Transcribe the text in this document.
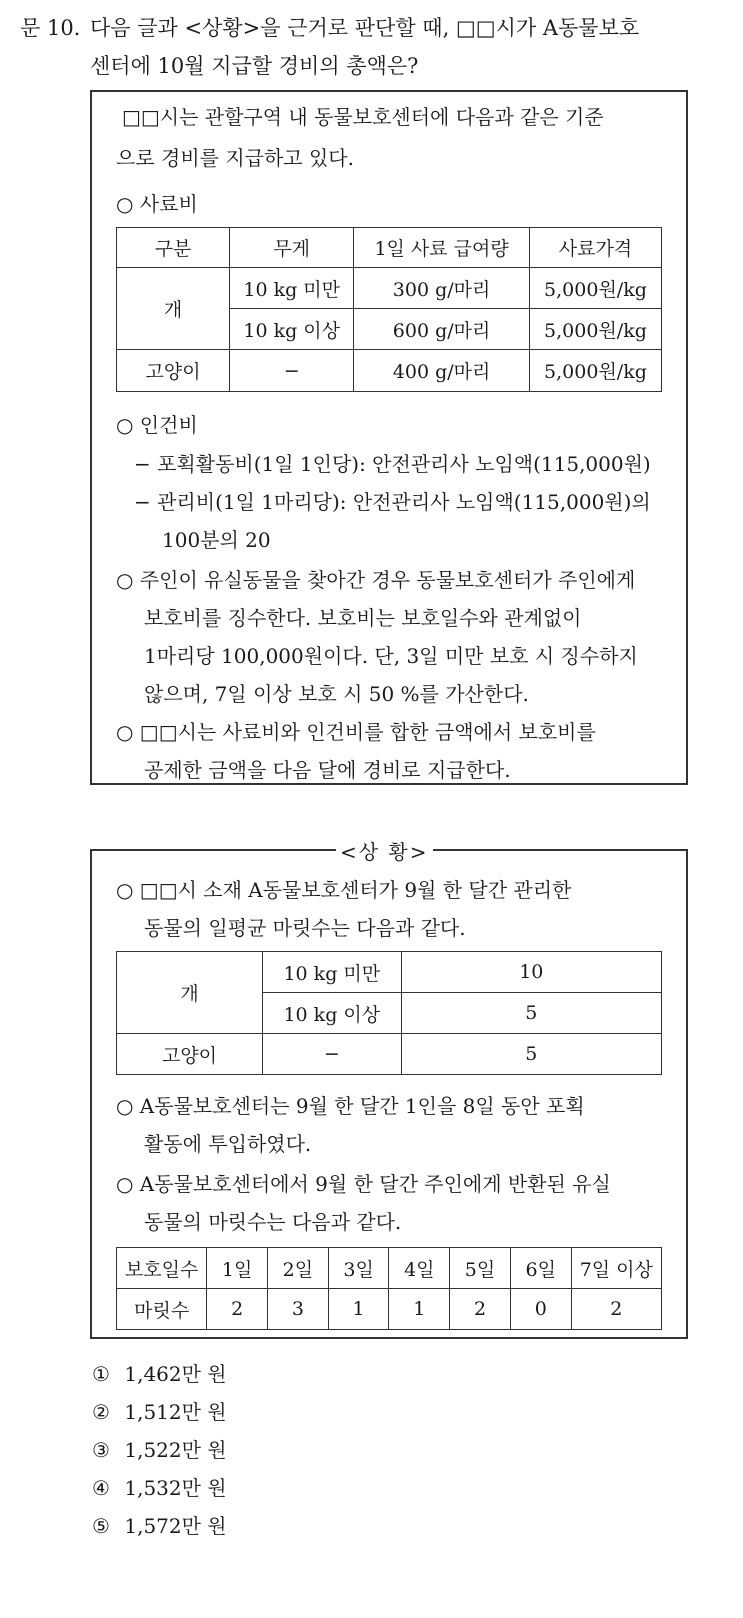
문 10. 다음 글과 <상황>을 근거로 판단할 때, □□시가 A동물보호
센터에 10월 지급할 경비의 총액은?
□□시는 관할구역 내 동물보호센터에 다음과 같은 기준
으로 경비를 지급하고 있다.
○ 사료비
구분	무게	1일 사료 급여량	사료가격
개	10 kg 미만	300 g/마리	5,000원/kg
	10 kg 이상	600 g/마리	5,000원/kg
고양이	−	400 g/마리	5,000원/kg
○ 인건비
− 포획활동비(1일 1인당): 안전관리사 노임액(115,000원)
− 관리비(1일 1마리당): 안전관리사 노임액(115,000원)의
100분의 20
○ 주인이 유실동물을 찾아간 경우 동물보호센터가 주인에게
보호비를 징수한다. 보호비는 보호일수와 관계없이
1마리당 100,000원이다. 단, 3일 미만 보호 시 징수하지
않으며, 7일 이상 보호 시 50 %를 가산한다.
○ □□시는 사료비와 인건비를 합한 금액에서 보호비를
공제한 금액을 다음 달에 경비로 지급한다.
<상 황>
○ □□시 소재 A동물보호센터가 9월 한 달간 관리한
동물의 일평균 마릿수는 다음과 같다.
개	10 kg 미만	10
	10 kg 이상	5
고양이	−	5
○ A동물보호센터는 9월 한 달간 1인을 8일 동안 포획
활동에 투입하였다.
○ A동물보호센터에서 9월 한 달간 주인에게 반환된 유실
동물의 마릿수는 다음과 같다.
보호일수	1일	2일	3일	4일	5일	6일	7일 이상
마릿수	2	3	1	1	2	0	2
① 1,462만 원
② 1,512만 원
③ 1,522만 원
④ 1,532만 원
⑤ 1,572만 원
